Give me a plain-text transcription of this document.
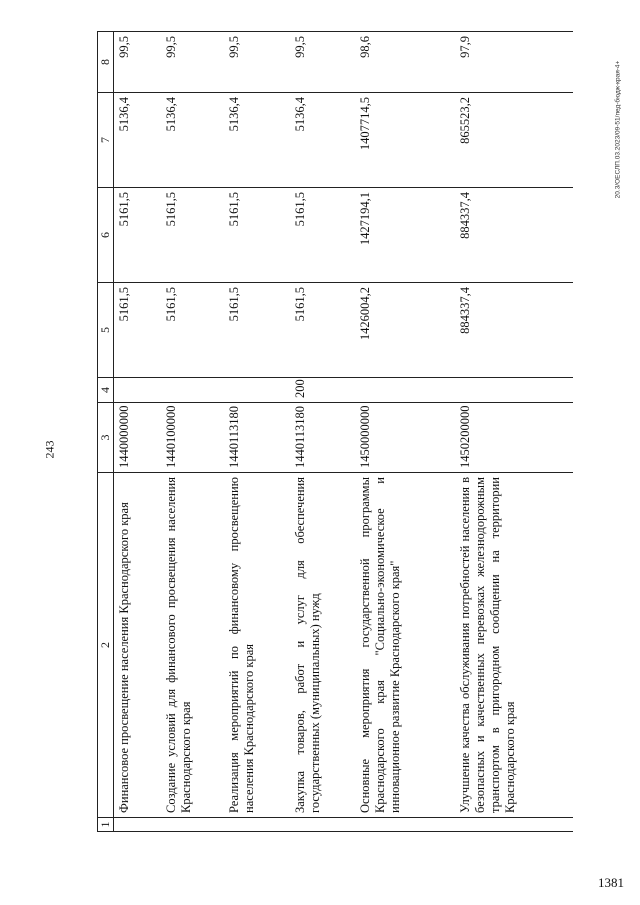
243
20.3/ОЕСЛП.03.2023/09-51/пед-бюдж-края-4+
1381
1	2	3	4	5	6	7	8
	Финансовое просвещение населения Краснодарского края	1440000000		5161,5	5161,5	5136,4	99,5
	Создание условий для финансового просвещения населения Краснодарского края	1440100000		5161,5	5161,5	5136,4	99,5
	Реализация мероприятий по финансовому просвещению населения Краснодарского края	1440113180		5161,5	5161,5	5136,4	99,5
	Закупка товаров, работ и услуг для обеспечения государственных (муниципальных) нужд	1440113180	200	5161,5	5161,5	5136,4	99,5
	Основные мероприятия государственной программы Краснодарского края "Социально-экономическое и инновационное развитие Краснодарского края"	1450000000		1426004,2	1427194,1	1407714,5	98,6
	Улучшение качества обслуживания потребностей населения в безопасных и качественных перевозках железнодорожным транспортом в пригородном сообщении на территории Краснодарского края	1450200000		884337,4	884337,4	865523,2	97,9
